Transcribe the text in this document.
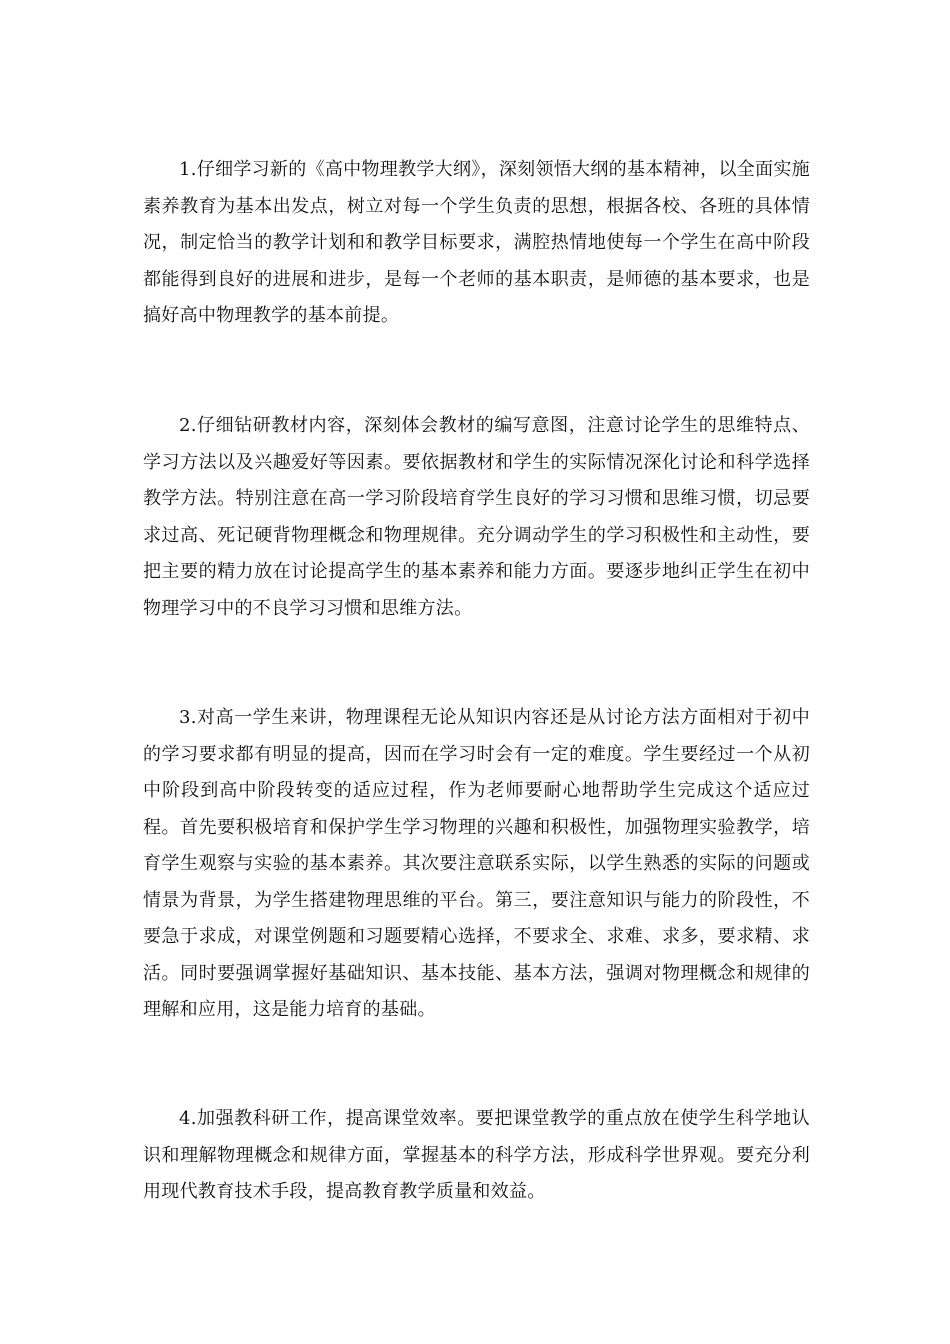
1.仔细学习新的《高中物理教学大纲》，深刻领悟大纲的基本精神，以全面实施素养教育为基本出发点，树立对每一个学生负责的思想，根据各校、各班的具体情况，制定恰当的教学计划和和教学目标要求，满腔热情地使每一个学生在高中阶段都能得到良好的进展和进步，是每一个老师的基本职责，是师德的基本要求，也是搞好高中物理教学的基本前提。

2.仔细钻研教材内容，深刻体会教材的编写意图，注意讨论学生的思维特点、学习方法以及兴趣爱好等因素。要依据教材和学生的实际情况深化讨论和科学选择教学方法。特别注意在高一学习阶段培育学生良好的学习习惯和思维习惯，切忌要求过高、死记硬背物理概念和物理规律。充分调动学生的学习积极性和主动性，要把主要的精力放在讨论提高学生的基本素养和能力方面。要逐步地纠正学生在初中物理学习中的不良学习习惯和思维方法。

3.对高一学生来讲，物理课程无论从知识内容还是从讨论方法方面相对于初中的学习要求都有明显的提高，因而在学习时会有一定的难度。学生要经过一个从初中阶段到高中阶段转变的适应过程，作为老师要耐心地帮助学生完成这个适应过程。首先要积极培育和保护学生学习物理的兴趣和积极性，加强物理实验教学，培育学生观察与实验的基本素养。其次要注意联系实际，以学生熟悉的实际的问题或情景为背景，为学生搭建物理思维的平台。第三，要注意知识与能力的阶段性，不要急于求成，对课堂例题和习题要精心选择，不要求全、求难、求多，要求精、求活。同时要强调掌握好基础知识、基本技能、基本方法，强调对物理概念和规律的理解和应用，这是能力培育的基础。

4.加强教科研工作，提高课堂效率。要把课堂教学的重点放在使学生科学地认识和理解物理概念和规律方面，掌握基本的科学方法，形成科学世界观。要充分利用现代教育技术手段，提高教育教学质量和效益。
